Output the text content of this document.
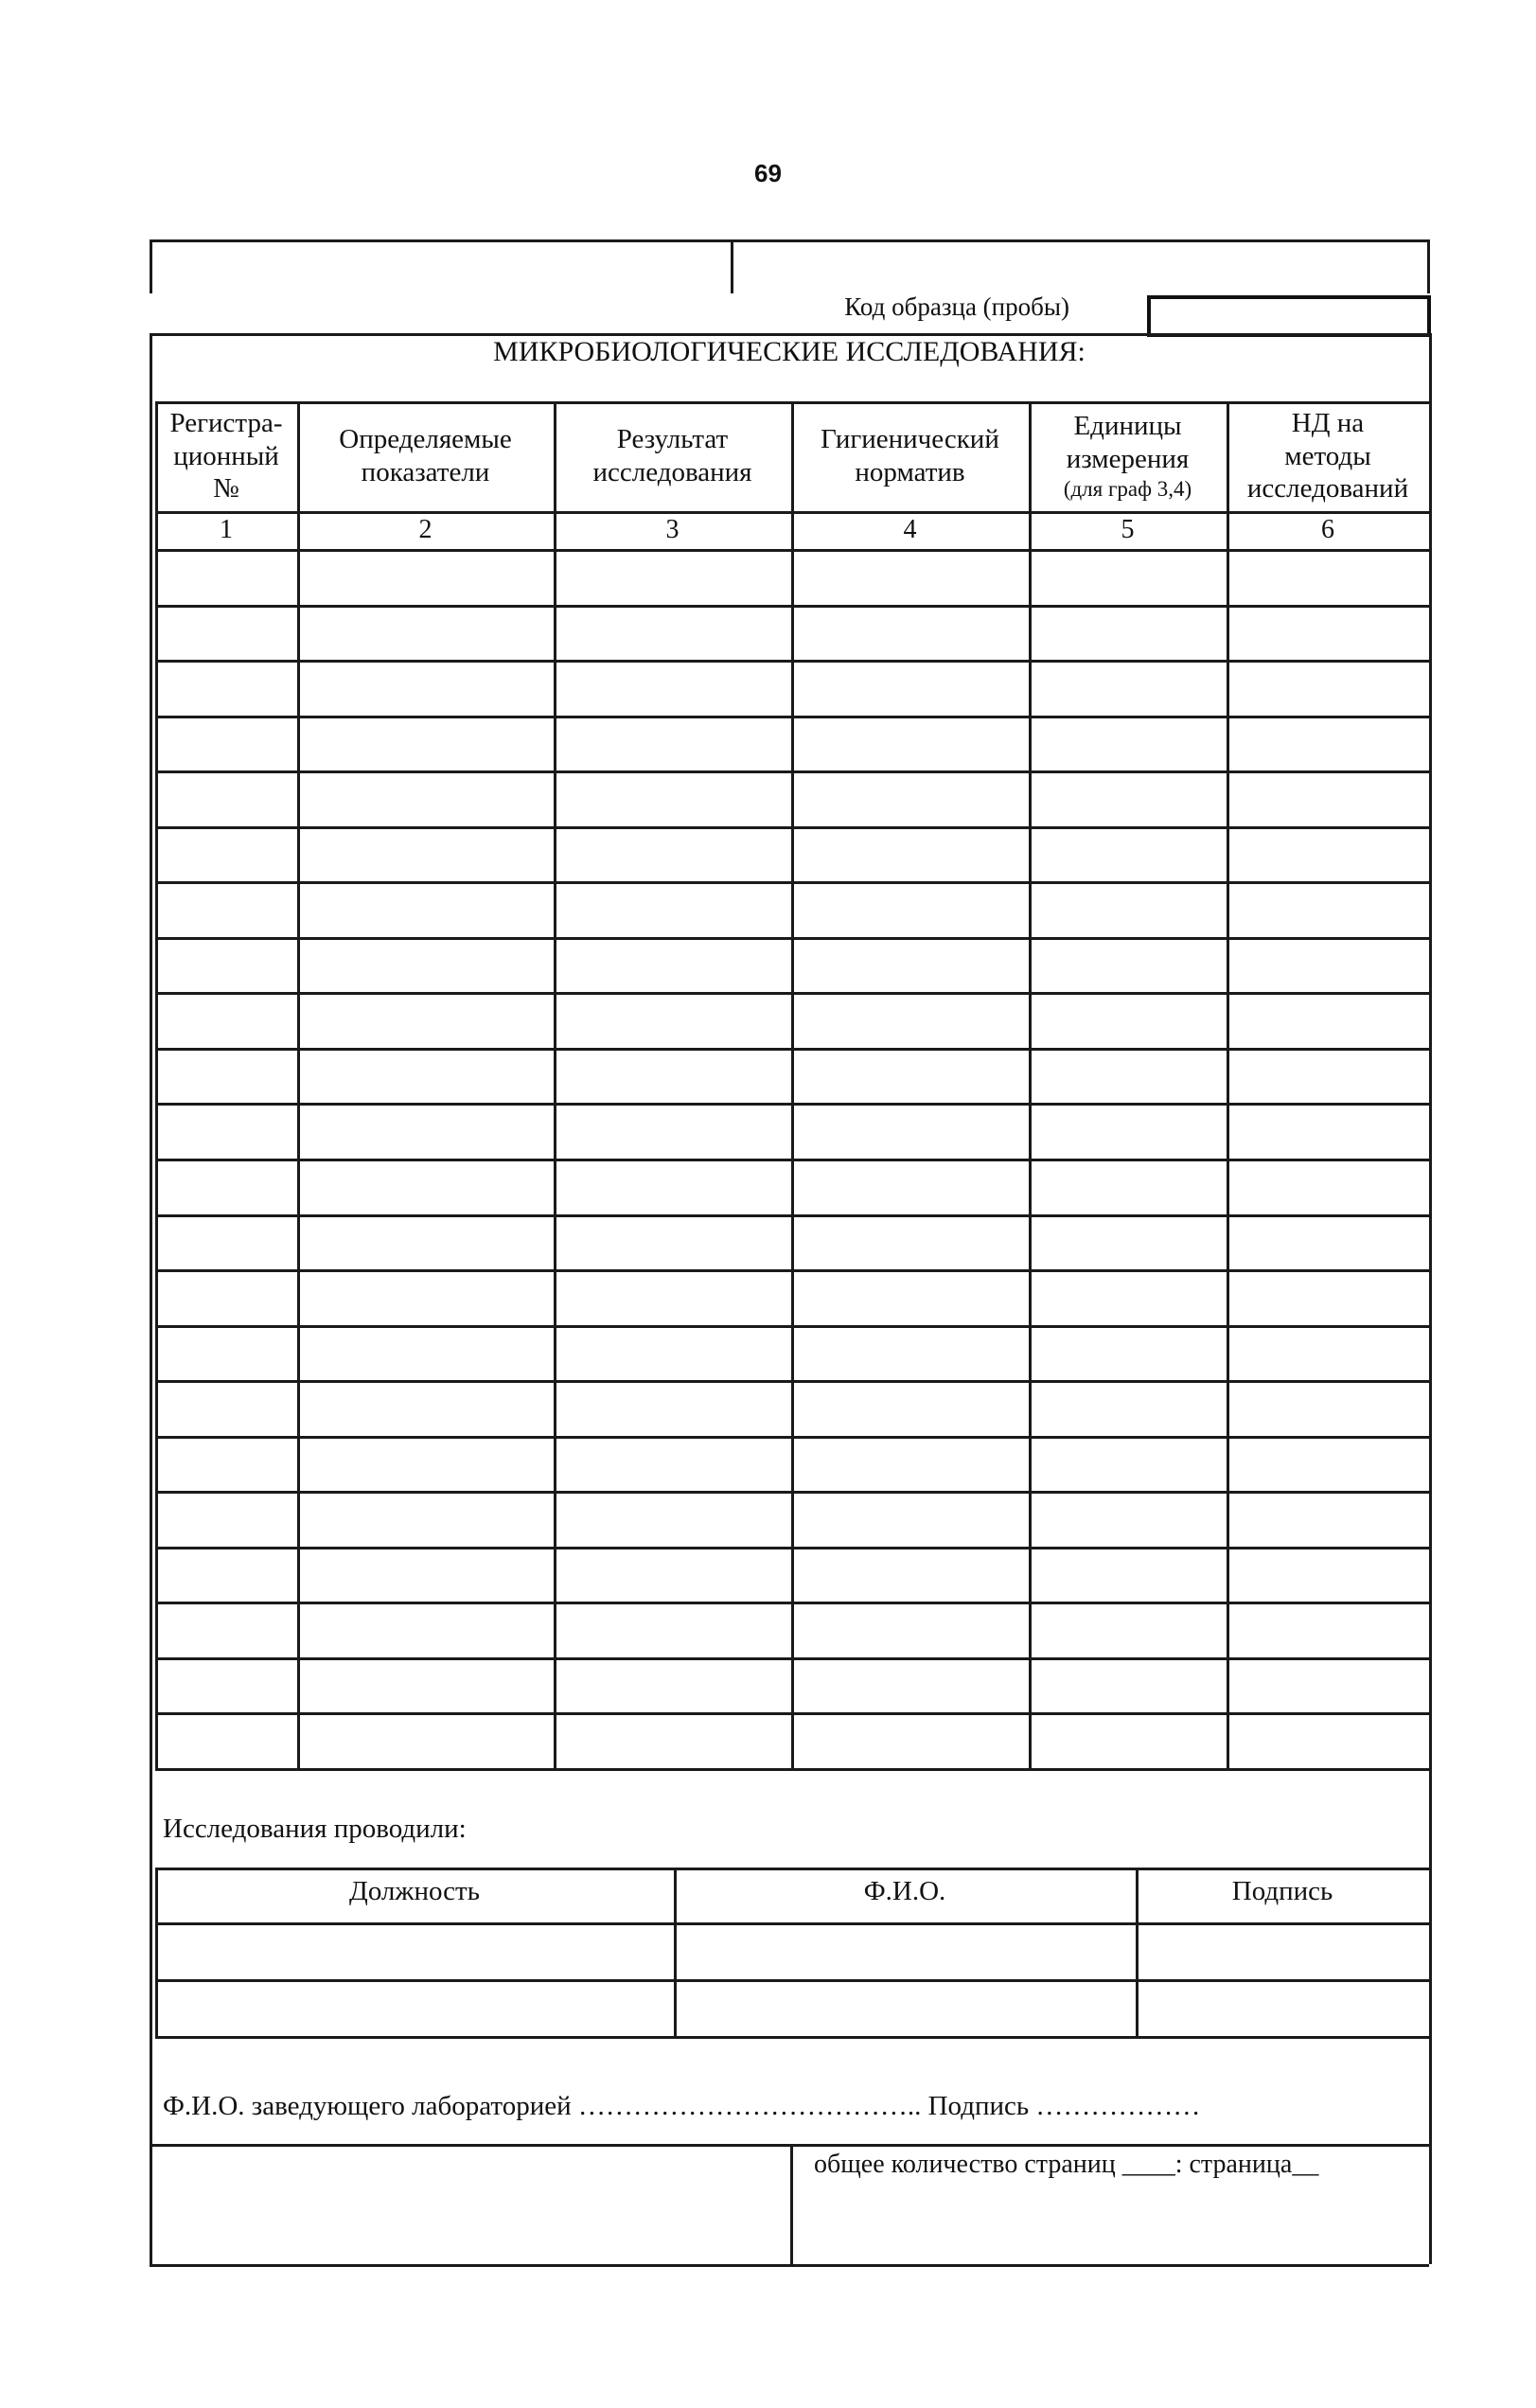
69
Код образца (пробы)
МИКРОБИОЛОГИЧЕСКИЕ ИССЛЕДОВАНИЯ:
Регистра-
ционный
№
1
Определяемые
показатели
2
Результат
исследования
3
Гигиенический
норматив
4
Единицы
измерения
(для граф 3,4)
5
НД на
методы
исследований
6
Исследования проводили:
Должность	Ф.И.О.	Подпись
Ф.И.О. заведующего лабораторией ……………………………….. Подпись ………………
общее количество страниц ____: страница__
